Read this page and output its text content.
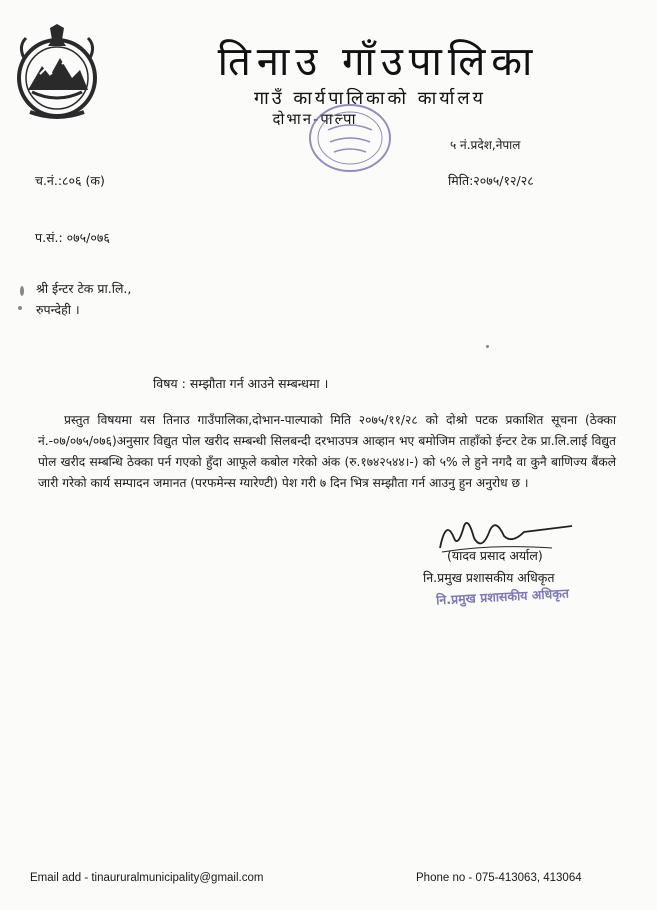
तिनाउ गाँउपालिका
गाउँ कार्यपालिकाको कार्यालय
दोभान-पाल्पा
५ नं.प्रदेश,नेपाल
च.नं.:८०६ (क)	मिति:२०७५/१२/२८
प.सं.: ०७५/०७६
श्री ईन्टर टेक प्रा.लि.,
रुपन्देही ।
विषय : सम्झौता गर्न आउने सम्बन्धमा ।
प्रस्तुत विषयमा यस तिनाउ गाउँपालिका,दोभान-पाल्पाको मिति २०७५/११/२८ को दोश्रो पटक प्रकाशित सूचना (ठेक्का नं.-०७/०७५/०७६)अनुसार विद्युत पोल खरीद सम्बन्धी सिलबन्दी दरभाउपत्र आव्हान भए बमोजिम ताहाँको ईन्टर टेक प्रा.लि.लाई विद्युत पोल खरीद सम्बन्धि ठेक्का पर्न गएको हुँदा आफूले कबोल गरेको अंक (रु.१७४२५४४।-) को ५% ले हुने नगदै वा कुनै बाणिज्य बैंकले जारी गरेको कार्य सम्पादन जमानत (परफमेन्स ग्यारेण्टी) पेश गरी ७ दिन भित्र सम्झौता गर्न आउनु हुन अनुरोध छ ।
(यादव प्रसाद अर्याल)
नि.प्रमुख प्रशासकीय अधिकृत
नि.प्रमुख प्रशासकीय अधिकृत
Email add - tinaururalmunicipality@gmail.com	Phone no - 075-413063, 413064
